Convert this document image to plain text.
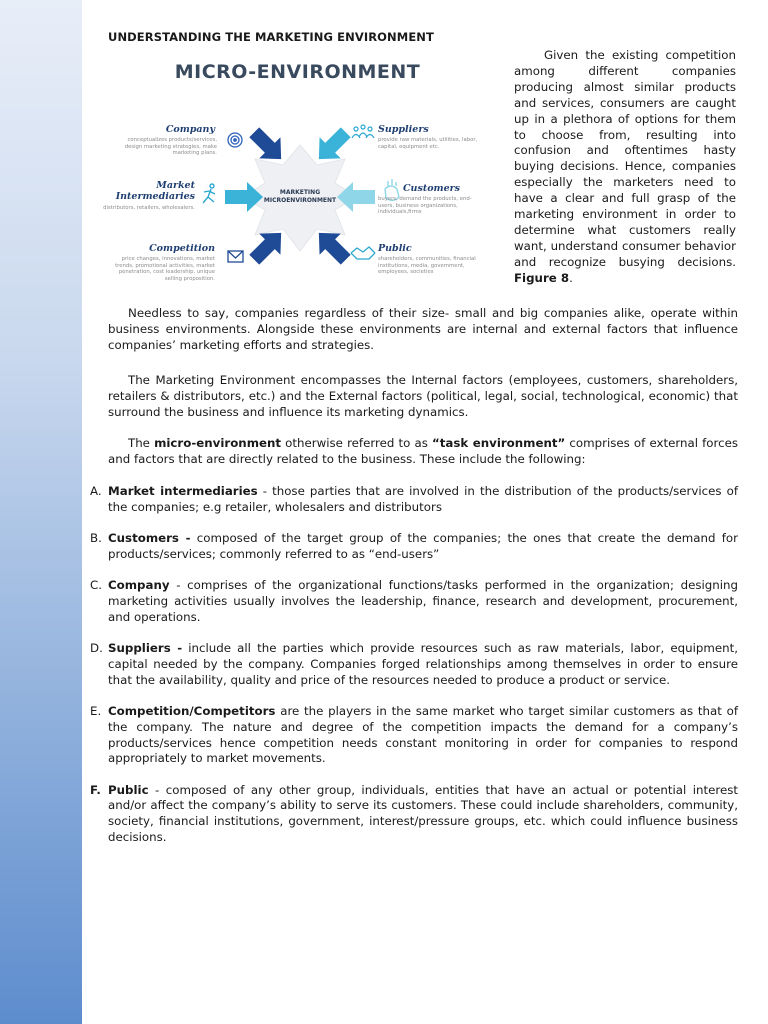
UNDERSTANDING THE MARKETING ENVIRONMENT
MICRO-ENVIRONMENT
MARKETING
MICROENVIRONMENT
Company
conceptualizes products/services,
design marketing strategies, make
marketing plans.
Market
Intermediaries
distributors, retailers, wholesalers.
Competition
price changes, innovations, market
trends, promotional activities, market
penetration, cost leadership, unique
selling proposition.
Suppliers
provide raw materials, utilities, labor,
capital, equipment etc.
Customers
buyers, demand the products, end-
users, business organizations,
individuals,firms
Public
shareholders, communities, financial
institutions, media, government,
employees, societies
Given the existing competition among different companies producing almost similar products and services, consumers are caught up in a plethora of options for them to choose from, resulting into confusion and oftentimes hasty buying decisions. Hence, companies especially the marketers need to have a clear and full grasp of the marketing environment in order to determine what customers really want, understand consumer behavior and recognize busying decisions. Figure 8.
Needless to say, companies regardless of their size- small and big companies alike, operate within business environments. Alongside these environments are internal and external factors that influence companies’ marketing efforts and strategies.
The Marketing Environment encompasses the Internal factors (employees, customers, shareholders, retailers & distributors, etc.) and the External factors (political, legal, social, technological, economic) that surround the business and influence its marketing dynamics.
The micro-environment otherwise referred to as “task environment” comprises of external forces and factors that are directly related to the business. These include the following:
A. Market intermediaries - those parties that are involved in the distribution of the products/services of the companies; e.g retailer, wholesalers and distributors
B. Customers - composed of the target group of the companies; the ones that create the demand for products/services; commonly referred to as “end-users”
C. Company - comprises of the organizational functions/tasks performed in the organization; designing marketing activities usually involves the leadership, finance, research and development, procurement, and operations.
D. Suppliers - include all the parties which provide resources such as raw materials, labor, equipment, capital needed by the company. Companies forged relationships among themselves in order to ensure that the availability, quality and price of the resources needed to produce a product or service.
E. Competition/Competitors are the players in the same market who target similar customers as that of the company. The nature and degree of the competition impacts the demand for a company’s products/services hence competition needs constant monitoring in order for companies to respond appropriately to market movements.
F. Public - composed of any other group, individuals, entities that have an actual or potential interest and/or affect the company’s ability to serve its customers. These could include shareholders, community, society, financial institutions, government, interest/pressure groups, etc. which could influence business decisions.
